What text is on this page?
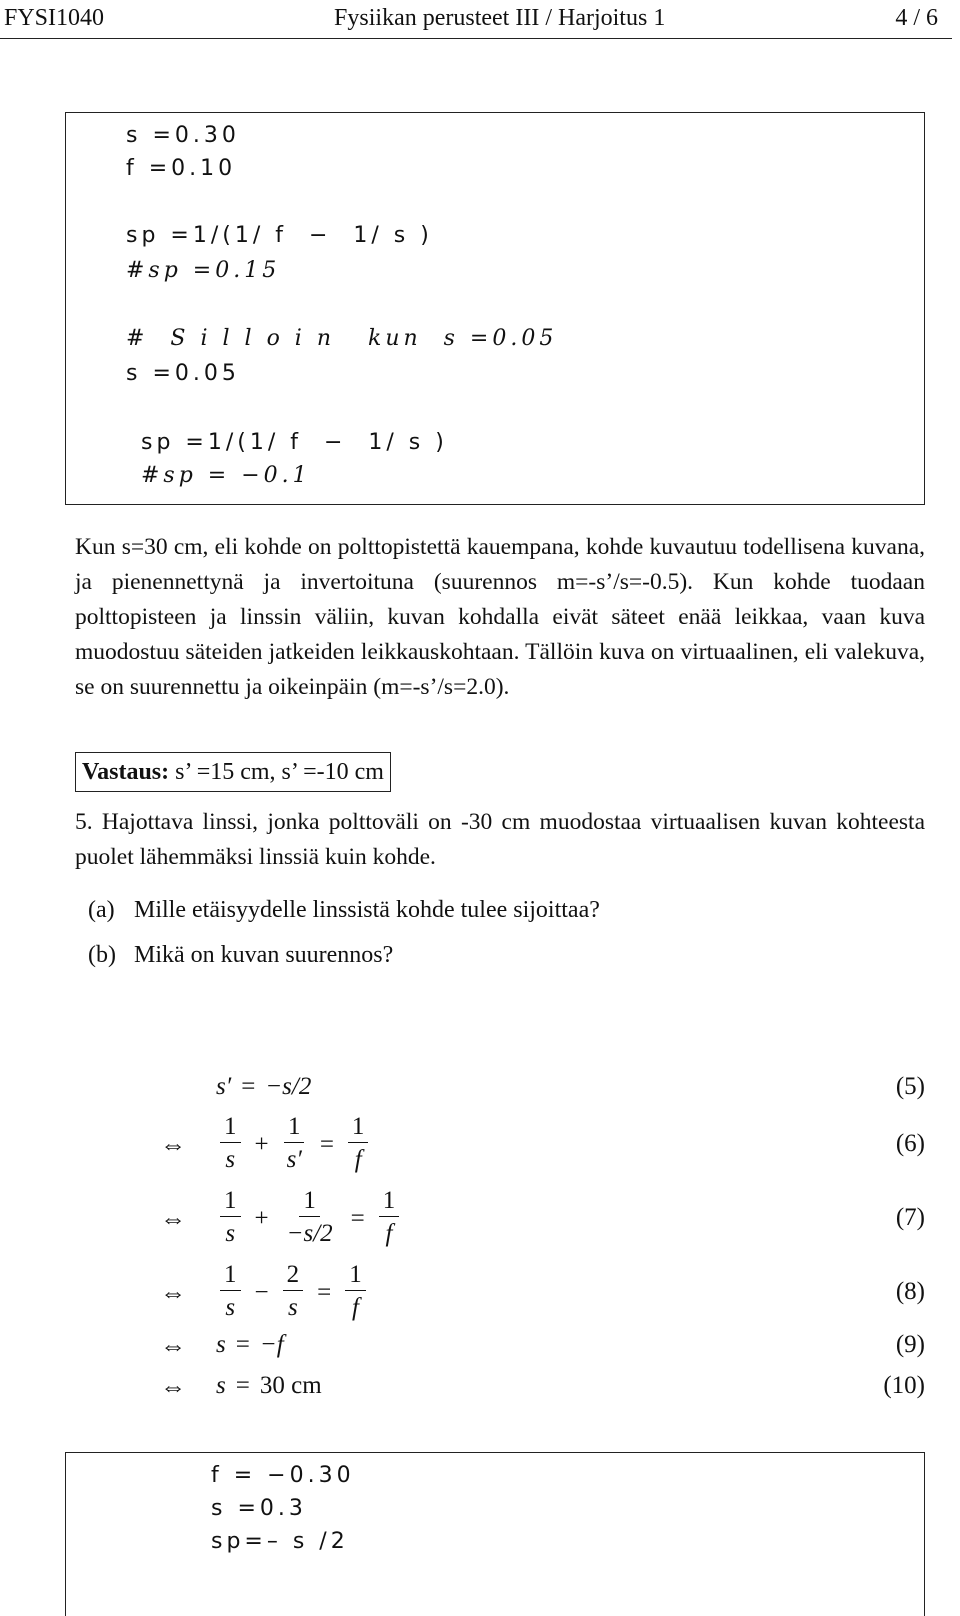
FYSI1040	Fysiikan perusteet III / Harjoitus 1	4 / 6
s =0.30
f =0.10
sp =1/(1/ f  −  1/ s )
#sp =0.15
#  S i l l o i n   kun  s =0.05
s =0.05
sp =1/(1/ f  −  1/ s )
#sp = −0.1
Kun s=30 cm, eli kohde on polttopistettä kauempana, kohde kuvautuu todellisena kuvana, ja pienennettynä ja invertoituna (suurennos m=-s’/s=-0.5). Kun kohde tuodaan polttopisteen ja linssin väliin, kuvan kohdalla eivät säteet enää leikkaa, vaan kuva muodostuu säteiden jatkeiden leikkauskohtaan. Tällöin kuva on virtuaalinen, eli valekuva, se on suurennettu ja oikeinpäin (m=-s’/s=2.0).
Vastaus: s’ =15 cm, s’ =-10 cm
5. Hajottava linssi, jonka polttoväli on -30 cm muodostaa virtuaalisen kuvan kohteesta puolet lähemmäksi linssiä kuin kohde.
(a) Mille etäisyydelle linssistä kohde tulee sijoittaa?
(b) Mikä on kuvan suurennos?
s′ = −s/2	(5)
⇔ $\frac{1}{s} + \frac{1}{s'} = \frac{1}{f}$	(6)
⇔ $\frac{1}{s} + \frac{1}{-s/2} = \frac{1}{f}$	(7)
⇔ $\frac{1}{s} - \frac{2}{s} = \frac{1}{f}$	(8)
⇔ s = −f	(9)
⇔ s = 30 cm	(10)
f = −0.30
s =0.3
sp=– s /2
